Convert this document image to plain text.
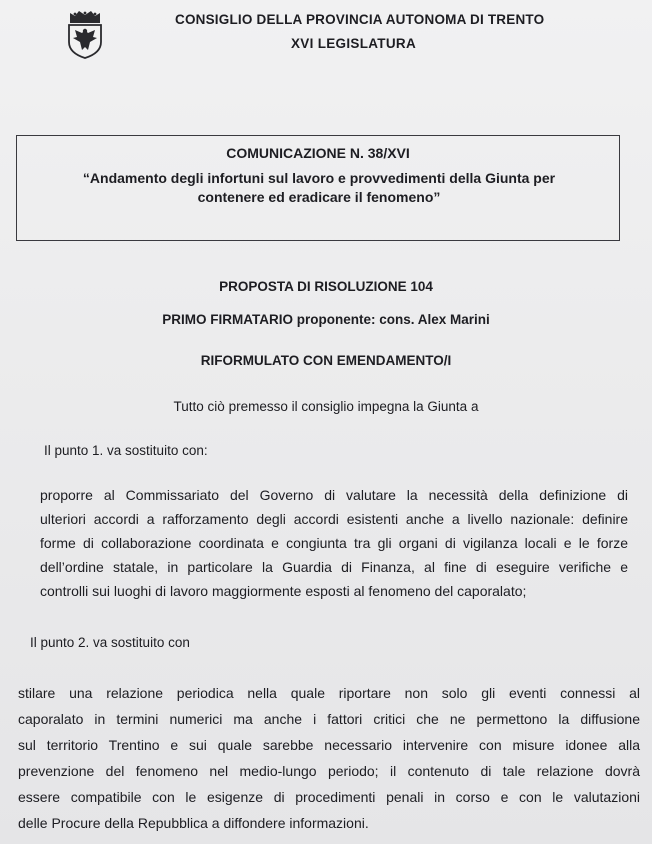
CONSIGLIO DELLA PROVINCIA AUTONOMA DI TRENTO
XVI LEGISLATURA
COMUNICAZIONE N. 38/XVI
“Andamento degli infortuni sul lavoro e provvedimenti della Giunta per
contenere ed eradicare il fenomeno”
PROPOSTA DI RISOLUZIONE 104
PRIMO FIRMATARIO proponente: cons. Alex Marini
RIFORMULATO CON EMENDAMENTO/I
Tutto ciò premesso il consiglio impegna la Giunta a
Il punto 1. va sostituito con:
proporre al Commissariato del Governo di valutare la necessità della definizione di
ulteriori accordi a rafforzamento degli accordi esistenti anche a livello nazionale: definire
forme di collaborazione coordinata e congiunta tra gli organi di vigilanza locali e le forze
dell’ordine statale, in particolare la Guardia di Finanza, al fine di eseguire verifiche e
controlli sui luoghi di lavoro maggiormente esposti al fenomeno del caporalato;
Il punto 2. va sostituito con
stilare una relazione periodica nella quale riportare non solo gli eventi connessi al
caporalato in termini numerici ma anche i fattori critici che ne permettono la diffusione
sul territorio Trentino e sui quale sarebbe necessario intervenire con misure idonee alla
prevenzione del fenomeno nel medio-lungo periodo; il contenuto di tale relazione dovrà
essere compatibile con le esigenze di procedimenti penali in corso e con le valutazioni
delle Procure della Repubblica a diffondere informazioni.
